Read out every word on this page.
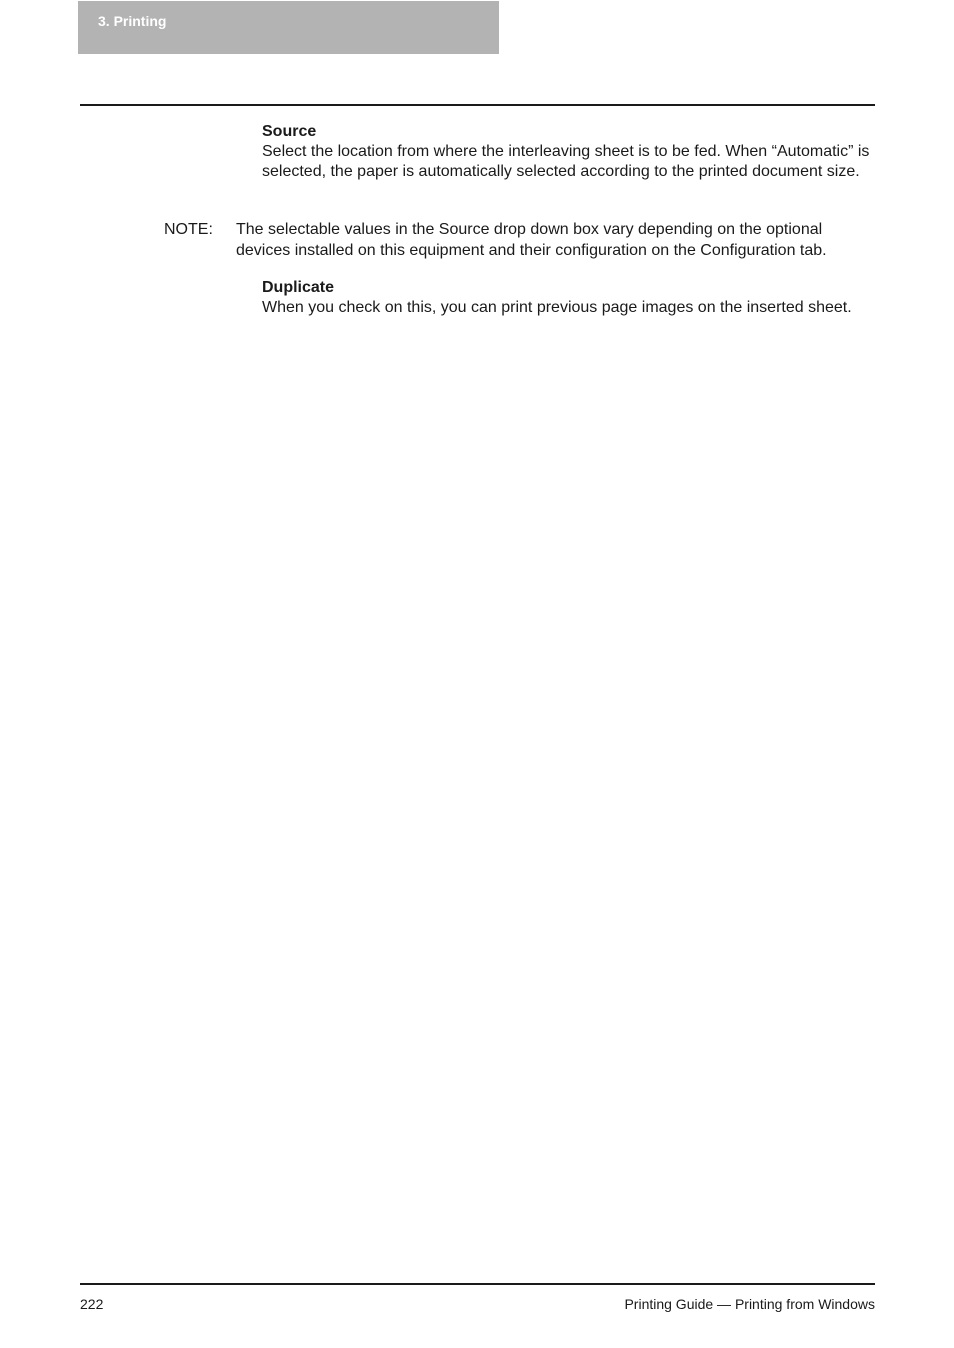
3. Printing
Source
Select the location from where the interleaving sheet is to be fed. When “Automatic” is selected, the paper is automatically selected according to the printed document size.
NOTE: The selectable values in the Source drop down box vary depending on the optional devices installed on this equipment and their configuration on the Configuration tab.
Duplicate
When you check on this, you can print previous page images on the inserted sheet.
222	Printing Guide — Printing from Windows
